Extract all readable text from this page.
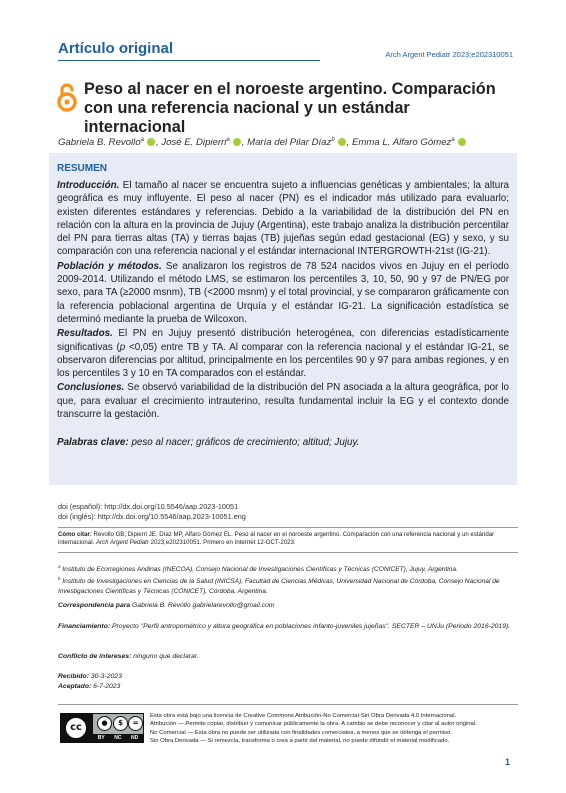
Artículo original	Arch Argent Pediatr 2023;e202310051
Peso al nacer en el noroeste argentino. Comparación con una referencia nacional y un estándar internacional
Gabriela B. Revollo$^a$ , José E. Dipierri$^a$ , María del Pilar Díaz$^b$ , Emma L. Alfaro Gómez$^a$
RESUMEN

Introducción. El tamaño al nacer se encuentra sujeto a influencias genéticas y ambientales; la altura geográfica es muy influyente. El peso al nacer (PN) es el indicador más utilizado para evaluarlo; existen diferentes estándares y referencias. Debido a la variabilidad de la distribución del PN en relación con la altura en la provincia de Jujuy (Argentina), este trabajo analiza la distribución percentilar del PN para tierras altas (TA) y tierras bajas (TB) jujeñas según edad gestacional (EG) y sexo, y su comparación con una referencia nacional y el estándar internacional INTERGROWTH-21st (IG-21).

Población y métodos. Se analizaron los registros de 78 524 nacidos vivos en Jujuy en el período 2009-2014. Utilizando el método LMS, se estimaron los percentiles 3, 10, 50, 90 y 97 de PN/EG por sexo, para TA (≥2000 msnm), TB (<2000 msnm) y el total provincial, y se compararon gráficamente con la referencia poblacional argentina de Urquía y el estándar IG-21. La significación estadística se determinó mediante la prueba de Wilcoxon.

Resultados. El PN en Jujuy presentó distribución heterogénea, con diferencias estadísticamente significativas (p <0,05) entre TB y TA. Al comparar con la referencia nacional y el estándar IG-21, se observaron diferencias por altitud, principalmente en los percentiles 90 y 97 para ambas regiones, y en los percentiles 3 y 10 en TA comparados con el estándar.

Conclusiones. Se observó variabilidad de la distribución del PN asociada a la altura geográfica, por lo que, para evaluar el crecimiento intrauterino, resulta fundamental incluir la EG y el contexto donde transcurre la gestación.

Palabras clave: peso al nacer; gráficos de crecimiento; altitud; Jujuy.
doi (español): http://dx.doi.org/10.5546/aap.2023-10051
doi (inglés): http://dx.doi.org/10.5546/aap.2023-10051.eng
Cómo citar: Revollo GB, Dipierri JE, Díaz MP, Alfaro Gómez EL. Peso al nacer en el noroeste argentino. Comparación con una referencia nacional y un estándar internacional. Arch Argent Pediatr 2023;e202310051. Primero en Internet 12-OCT-2023.
$^a$ Instituto de Ecorregiones Andinas (INECOA), Consejo Nacional de Investigaciones Científicas y Técnicas (CONICET), Jujuy, Argentina.
$^b$ Instituto de Investigaciones en Ciencias de la Salud (INICSA), Facultad de Ciencias Médicas, Universidad Nacional de Córdoba, Consejo Nacional de Investigaciones Científicas y Técnicas (CONICET), Córdoba, Argentina.
Correspondencia para Gabriela B. Revollo gabrielarevollo@gmail.com
Financiamiento: Proyecto "Perfil antropométrico y altura geográfica en poblaciones infanto-juveniles jujeñas". SECTER – UNJu (Periodo 2016-2019).
Conflicto de intereses: ninguno que declarar.
Recibido: 30-3-2023
Aceptado: 6-7-2023
cc	●	$	=
BY NC ND
Esta obra está bajo una licencia de Creative Commons Atribución-No Comercial-Sin Obra Derivada 4.0 Internacional.
Atribución — Permite copiar, distribuir y comunicar públicamente la obra. A cambio se debe reconocer y citar al autor original.
No Comercial — Esta obra no puede ser utilizada con finalidades comerciales, a menos que se obtenga el permiso.
Sin Obra Derivada — Si remezcla, transforma o crea a partir del material, no puede difundir el material modificado.
1
